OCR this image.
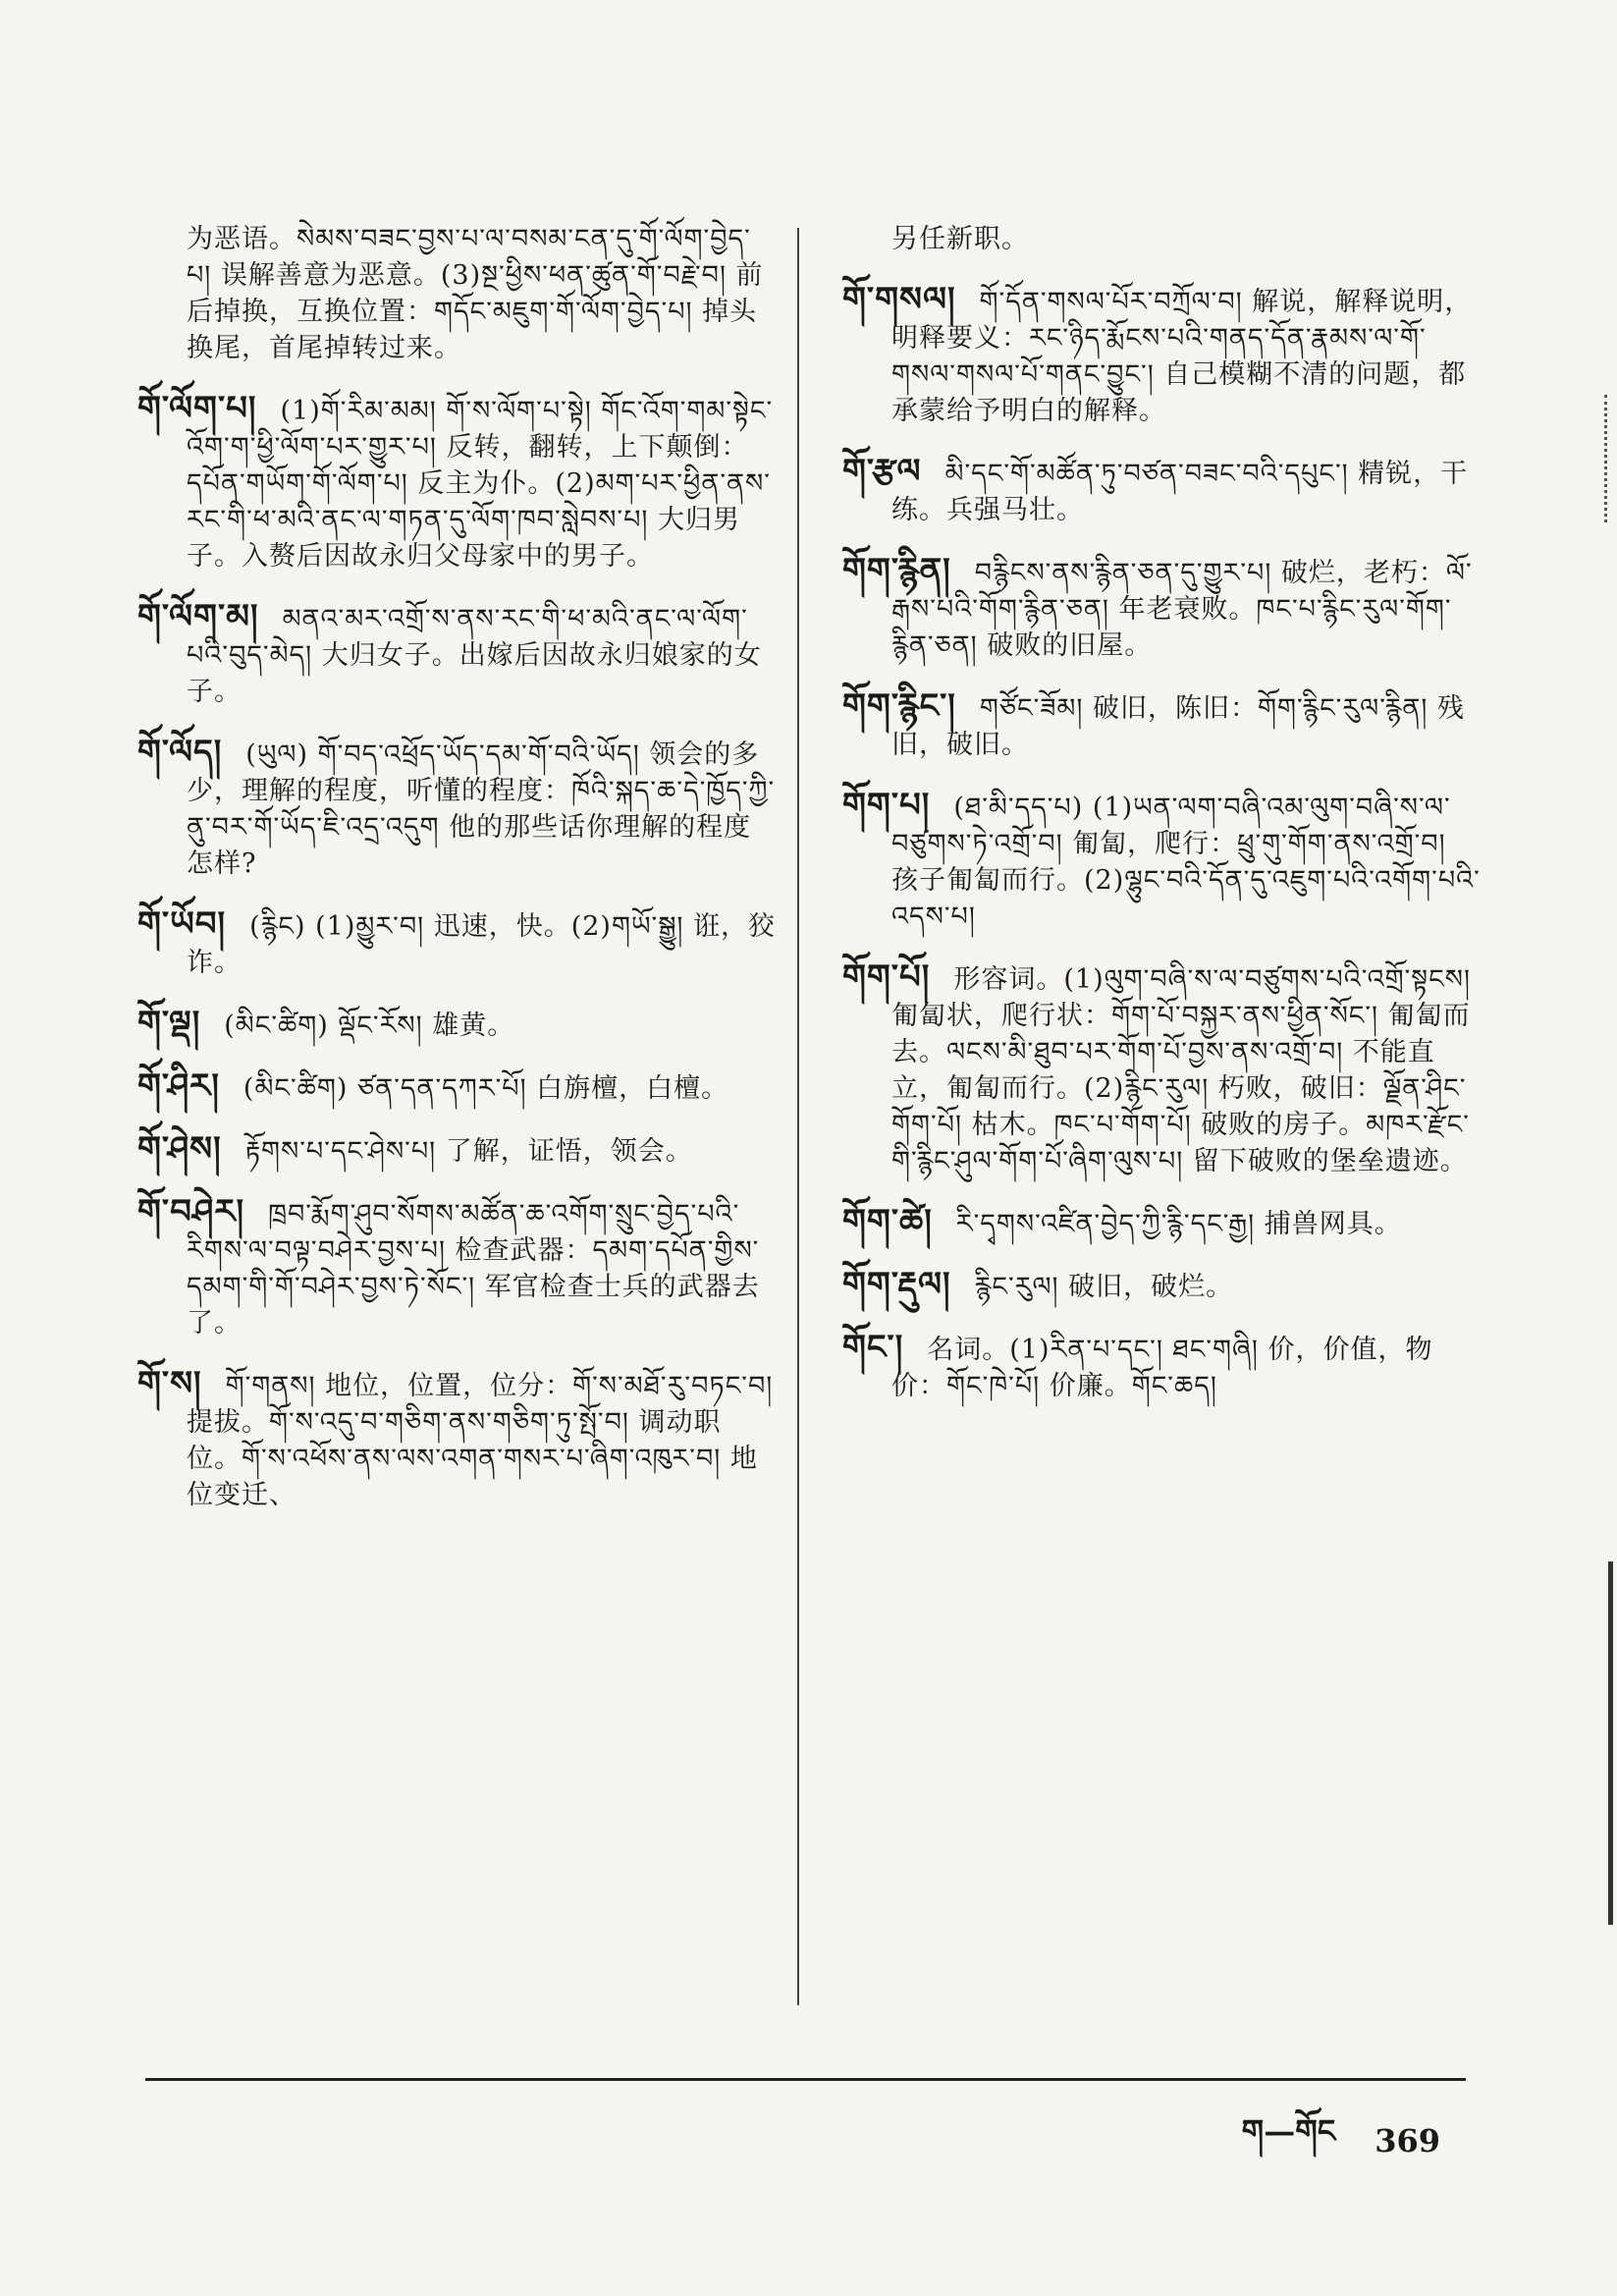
为恶语。སེམས་བཟང་བྱས་པ་ལ་བསམ་ངན་དུ་གོ་ལོག་བྱེད་པ། 误解善意为恶意。(3)སྔ་ཕྱིས་ཕན་ཚུན་གོ་བརྗེ་བ། 前后掉换，互换位置：གདོང་མཇུག་གོ་ལོག་བྱེད་པ། 掉头换尾，首尾掉转过来。
གོ་ལོག་པ། (1)གོ་རིམ་མམ། གོ་ས་ལོག་པ་སྟེ། གོང་འོག་གམ་སྟེང་འོག་ག་ཕྱི་ལོག་པར་གྱུར་པ། 反转，翻转，上下颠倒：དཔོན་གཡོག་གོ་ལོག་པ། 反主为仆。(2)མག་པར་ཕྱིན་ནས་རང་གི་ཕ་མའི་ནང་ལ་གཏན་དུ་ལོག་ཁབ་སླེབས་པ། 大归男子。入赘后因故永归父母家中的男子。
གོ་ལོག་མ། མནའ་མར་འགྲོ་ས་ནས་རང་གི་ཕ་མའི་ནང་ལ་ལོག་པའི་བུད་མེད། 大归女子。出嫁后因故永归娘家的女子。
གོ་ལོད། (ཡུལ) གོ་བད་འཕྲོད་ཡོད་དམ་གོ་བའི་ཡོད། 领会的多少，理解的程度，听懂的程度：ཁོའི་སྐད་ཆ་དེ་ཁྱོད་ཀྱི་ནུ་བར་གོ་ཡོད་ཇི་འདྲ་འདུག 他的那些话你理解的程度怎样?
གོ་ཡོབ། (རྙིང) (1)མྱུར་བ། 迅速，快。(2)གཡོ་སྒྱུ། 诳，狡诈。
གོ་ལྡ། (མིང་ཚིག) ལྡོང་རོས། 雄黄。
གོ་ཤིར། (མིང་ཚིག) ཙན་དན་དཀར་པོ། 白旃檀，白檀。
གོ་ཤེས། རྟོགས་པ་དང་ཤེས་པ། 了解，证悟，领会。
གོ་བཤེར། ཁྲབ་རྨོག་ཤུབ་སོགས་མཚོན་ཆ་འགོག་སྲུང་བྱེད་པའི་རིགས་ལ་བལྟ་བཤེར་བྱས་པ། 检查武器：དམག་དཔོན་གྱིས་དམག་གི་གོ་བཤེར་བྱས་ཏེ་སོང་། 军官检查士兵的武器去了。
གོ་ས། གོ་གནས། 地位，位置，位分：གོ་ས་མཐོ་རུ་བཏང་བ། 提拔。གོ་ས་འདུ་བ་གཅིག་ནས་གཅིག་ཏུ་སྤོ་བ། 调动职位。གོ་ས་འཕོས་ནས་ལས་འགན་གསར་པ་ཞིག་འཁུར་བ། 地位变迁、
另任新职。
གོ་གསལ། གོ་དོན་གསལ་པོར་བཀྲོལ་བ། 解说，解释说明，明释要义：རང་ཉིད་རྨོངས་པའི་གནད་དོན་རྣམས་ལ་གོ་གསལ་གསལ་པོ་གནང་བྱུང་། 自己模糊不清的问题，都承蒙给予明白的解释。
གོ་རྩལ མི་དང་གོ་མཚོན་ཏུ་བཙན་བཟང་བའི་དཔུང་། 精锐，干练。兵强马壮。
གོག་རྙིན། བརྙིངས་ནས་རྙིན་ཅན་དུ་གྱུར་པ། 破烂，老朽：ལོ་རྒས་པའི་གོག་རྙིན་ཅན། 年老衰败。ཁང་པ་རྙིང་རུལ་གོག་རྙིན་ཅན། 破败的旧屋。
གོག་རྙིང་། གཙོང་ཟོམ། 破旧，陈旧：གོག་རྙིང་རུལ་རྙིན། 残旧，破旧。
གོག་པ། (ཐ་མི་དད་པ) (1)ཡན་ལག་བཞི་འམ་ལུག་བཞི་ས་ལ་བཙུགས་ཏེ་འགྲོ་བ། 匍匐，爬行：ཕྲུ་གུ་གོག་ནས་འགྲོ་བ། 孩子匍匐而行。(2)ལྷུང་བའི་དོན་དུ་འཇུག་པའི་འགོག་པའི་འདས་པ།
གོག་པོ། 形容词。(1)ལུག་བཞི་ས་ལ་བཙུགས་པའི་འགྲོ་སྟངས། 匍匐状，爬行状：གོག་པོ་བསྐྱར་ནས་ཕྱིན་སོང་། 匍匐而去。ལངས་མི་ཐུབ་པར་གོག་པོ་བྱས་ནས་འགྲོ་བ། 不能直立，匍匐而行。(2)རྙིང་རུལ། 朽败，破旧：ལྗོན་ཤིང་གོག་པོ། 枯木。ཁང་པ་གོག་པོ། 破败的房子。མཁར་རྫོང་གི་རྙིང་ཤུལ་གོག་པོ་ཞིག་ལུས་པ། 留下破败的堡垒遗迹。
གོག་ཚེ། རི་དྭགས་འཛིན་བྱེད་ཀྱི་རྙི་དང་རྒྱ། 捕兽网具。
གོག་རྡུལ། རྙིང་རུལ། 破旧，破烂。
གོང་། 名词。(1)རིན་པ་དང་། ཐང་གཞི། 价，价值，物价：གོང་ཁེ་པོ། 价廉。གོང་ཆད།
ག—གོང 369
